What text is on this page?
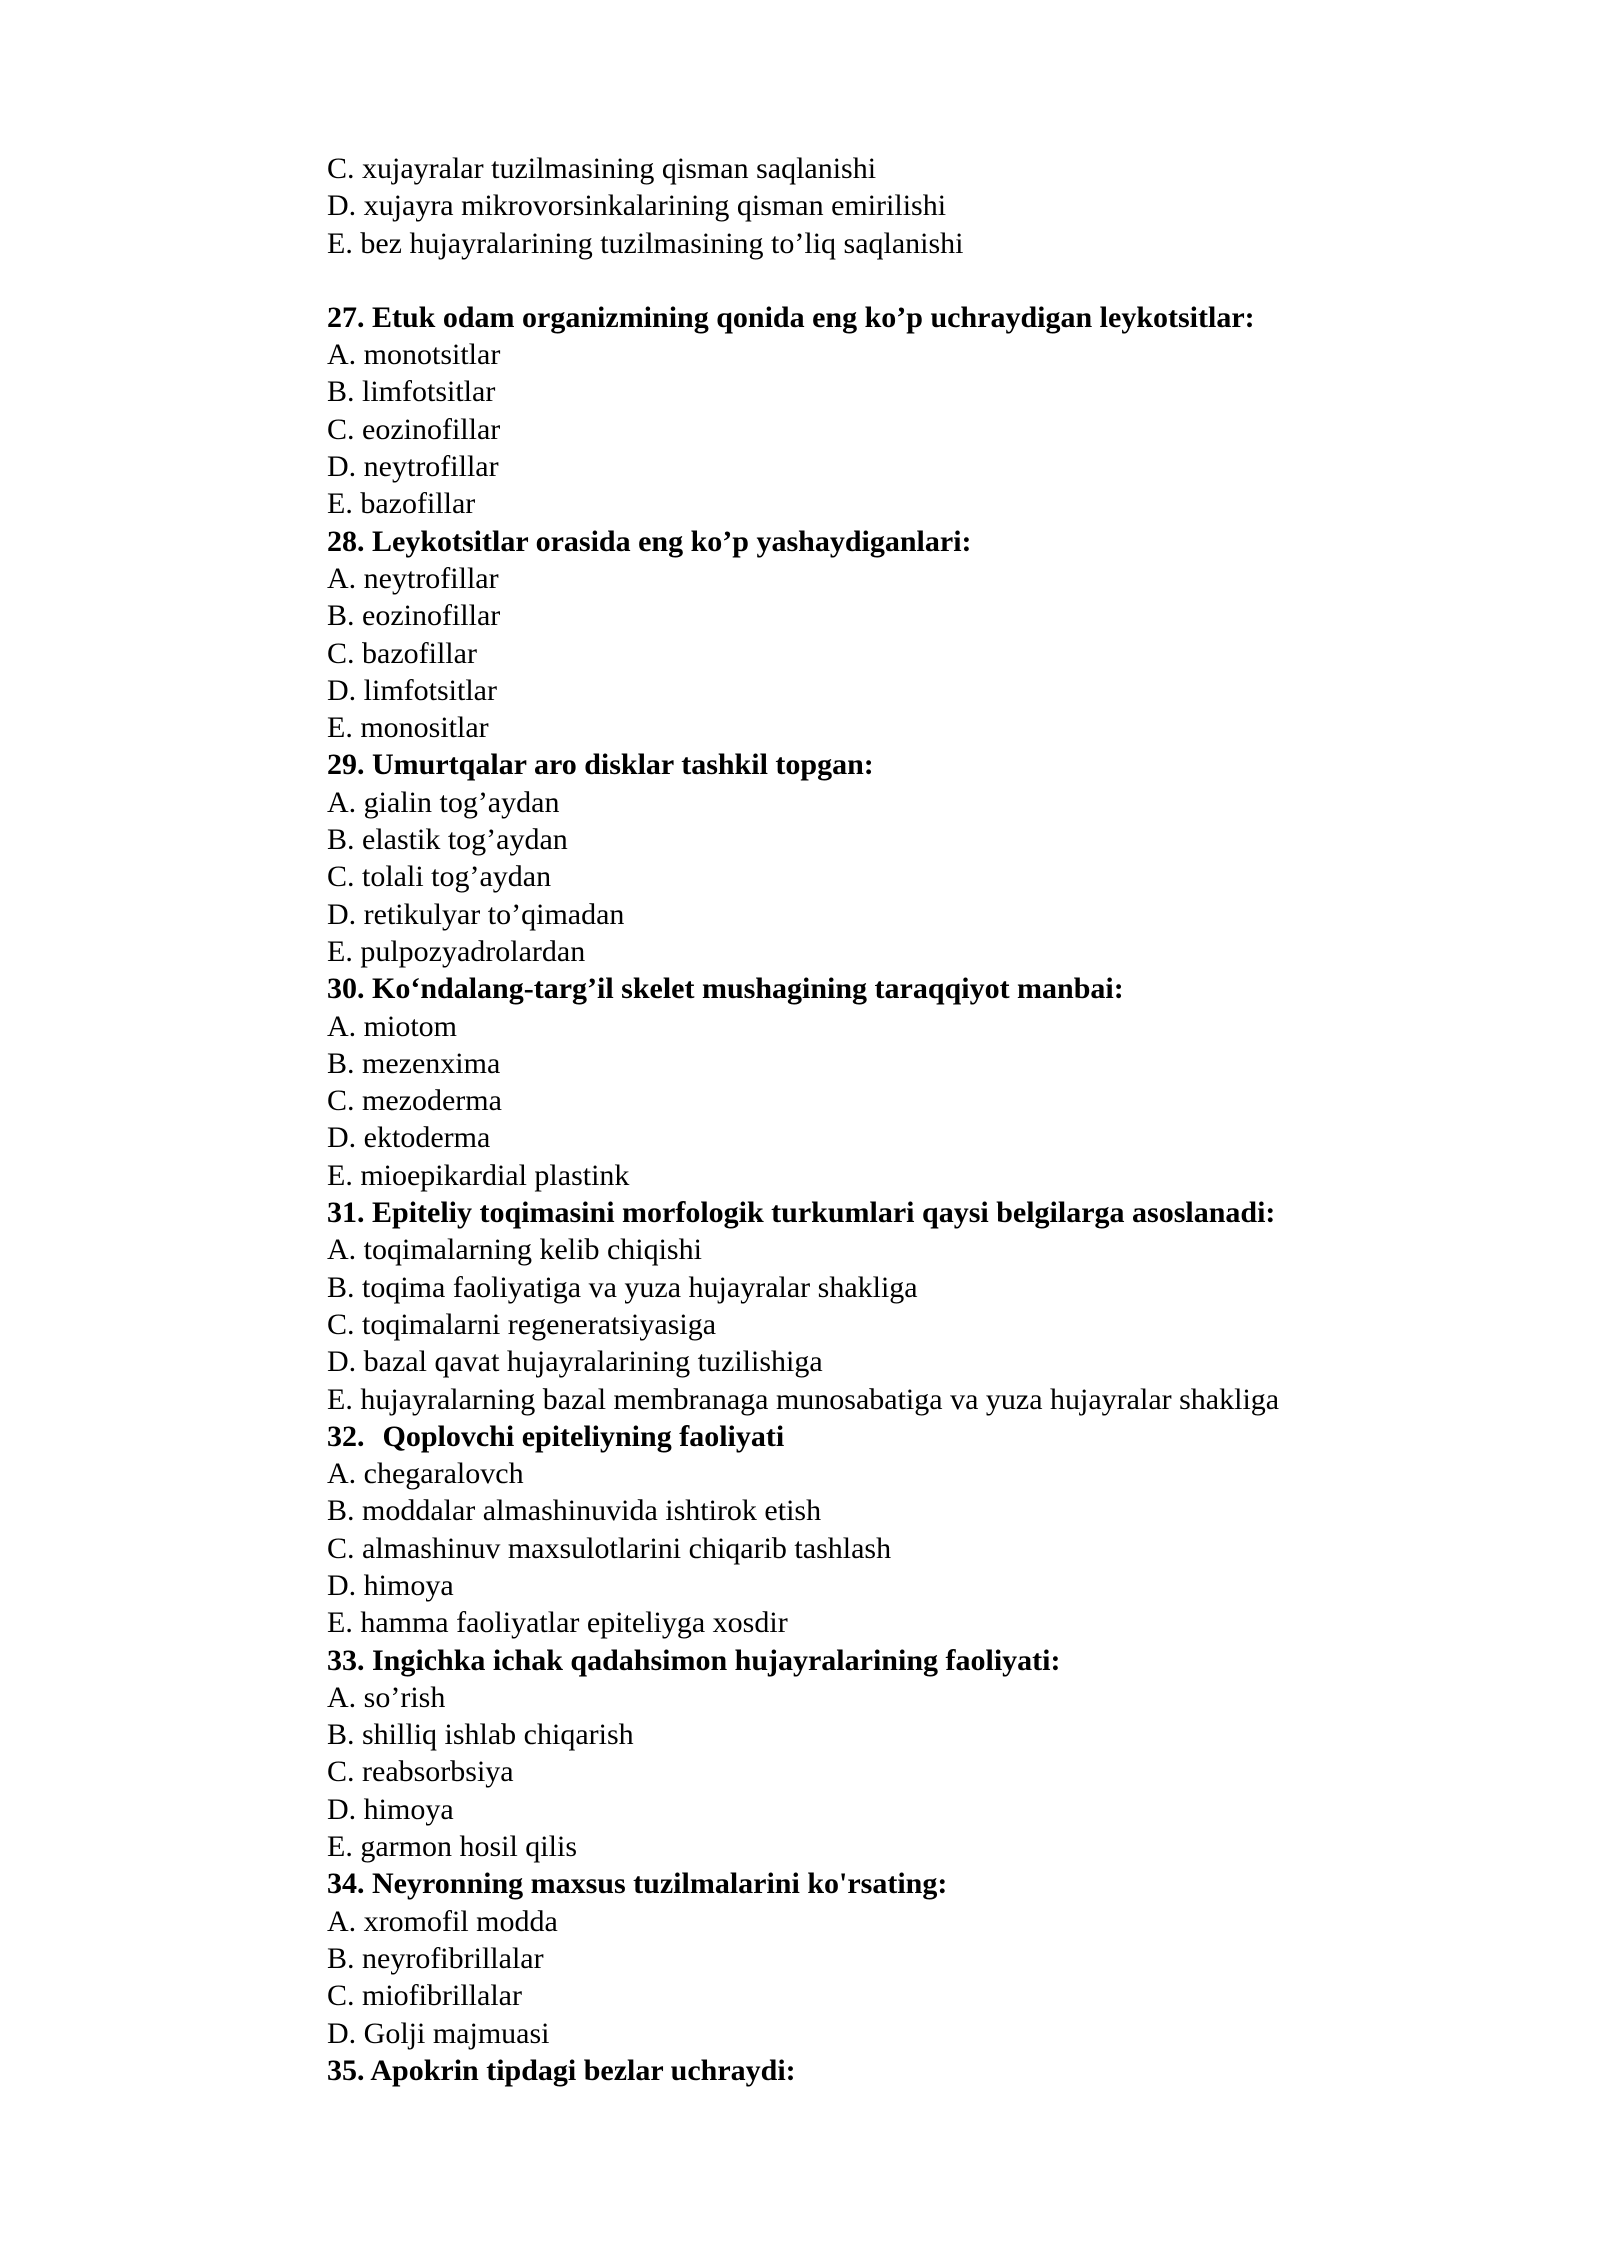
C. xujayralar tuzilmasining qisman saqlanishi
D. xujayra mikrovorsinkalarining qisman emirilishi
E. bez hujayralarining tuzilmasining to’liq saqlanishi
27. Etuk odam organizmining qonida eng ko’p uchraydigan leykotsitlar:
A. monotsitlar
B. limfotsitlar
C. eozinofillar
D. neytrofillar
E. bazofillar
28. Leykotsitlar orasida eng ko’p yashaydiganlari:
A. neytrofillar
B. eozinofillar
C. bazofillar
D. limfotsitlar
E. monositlar
29. Umurtqalar aro disklar tashkil topgan:
A. gialin tog’aydan
B. elastik tog’aydan
C. tolali tog’aydan
D. retikulyar to’qimadan
E. pulpozyadrolardan
30. Ko‘ndalang-targ’il skelet mushagining taraqqiyot manbai:
A. miotom
B. mezenxima
C. mezoderma
D. ektoderma
E. mioepikardial plastink
31. Epiteliy toqimasini morfologik turkumlari qaysi belgilarga asoslanadi:
A. toqimalarning kelib chiqishi
B. toqima faoliyatiga va yuza hujayralar shakliga
C. toqimalarni regeneratsiyasiga
D. bazal qavat hujayralarining tuzilishiga
E. hujayralarning bazal membranaga munosabatiga va yuza hujayralar shakliga
32. Qoplovchi epiteliyning faoliyati
A. chegaralovch
B. moddalar almashinuvida ishtirok etish
C. almashinuv maxsulotlarini chiqarib tashlash
D. himoya
E. hamma faoliyatlar epiteliyga xosdir
33. Ingichka ichak qadahsimon hujayralarining faoliyati:
A. so’rish
B. shilliq ishlab chiqarish
C. reabsorbsiya
D. himoya
E. garmon hosil qilis
34. Neyronning maxsus tuzilmalarini ko'rsating:
A. xromofil modda
B. neyrofibrillalar
C. miofibrillalar
D. Golji majmuasi
35. Apokrin tipdagi bezlar uchraydi:
